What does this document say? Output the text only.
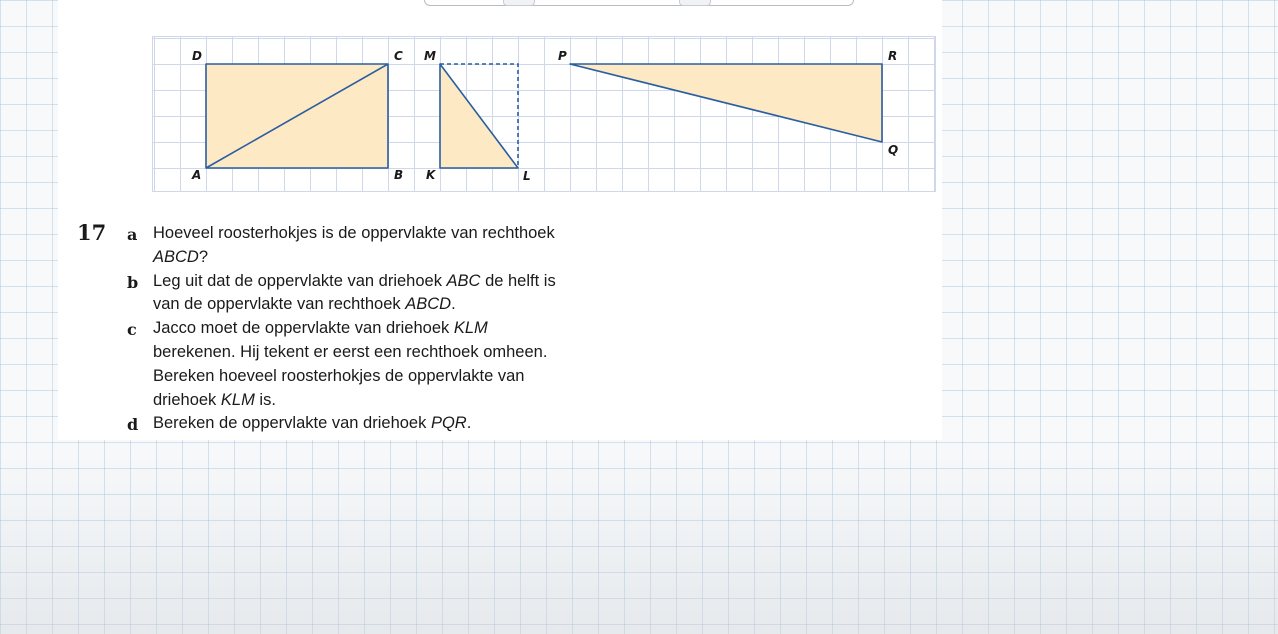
D	C
A	B
M
K	L
P	R
Q
17 a Hoeveel roosterhokjes is de oppervlakte van rechthoek
ABCD?
b Leg uit dat de oppervlakte van driehoek ABC de helft is
van de oppervlakte van rechthoek ABCD.
c Jacco moet de oppervlakte van driehoek KLM
berekenen. Hij tekent er eerst een rechthoek omheen.
Bereken hoeveel roosterhokjes de oppervlakte van
driehoek KLM is.
d Bereken de oppervlakte van driehoek PQR.
